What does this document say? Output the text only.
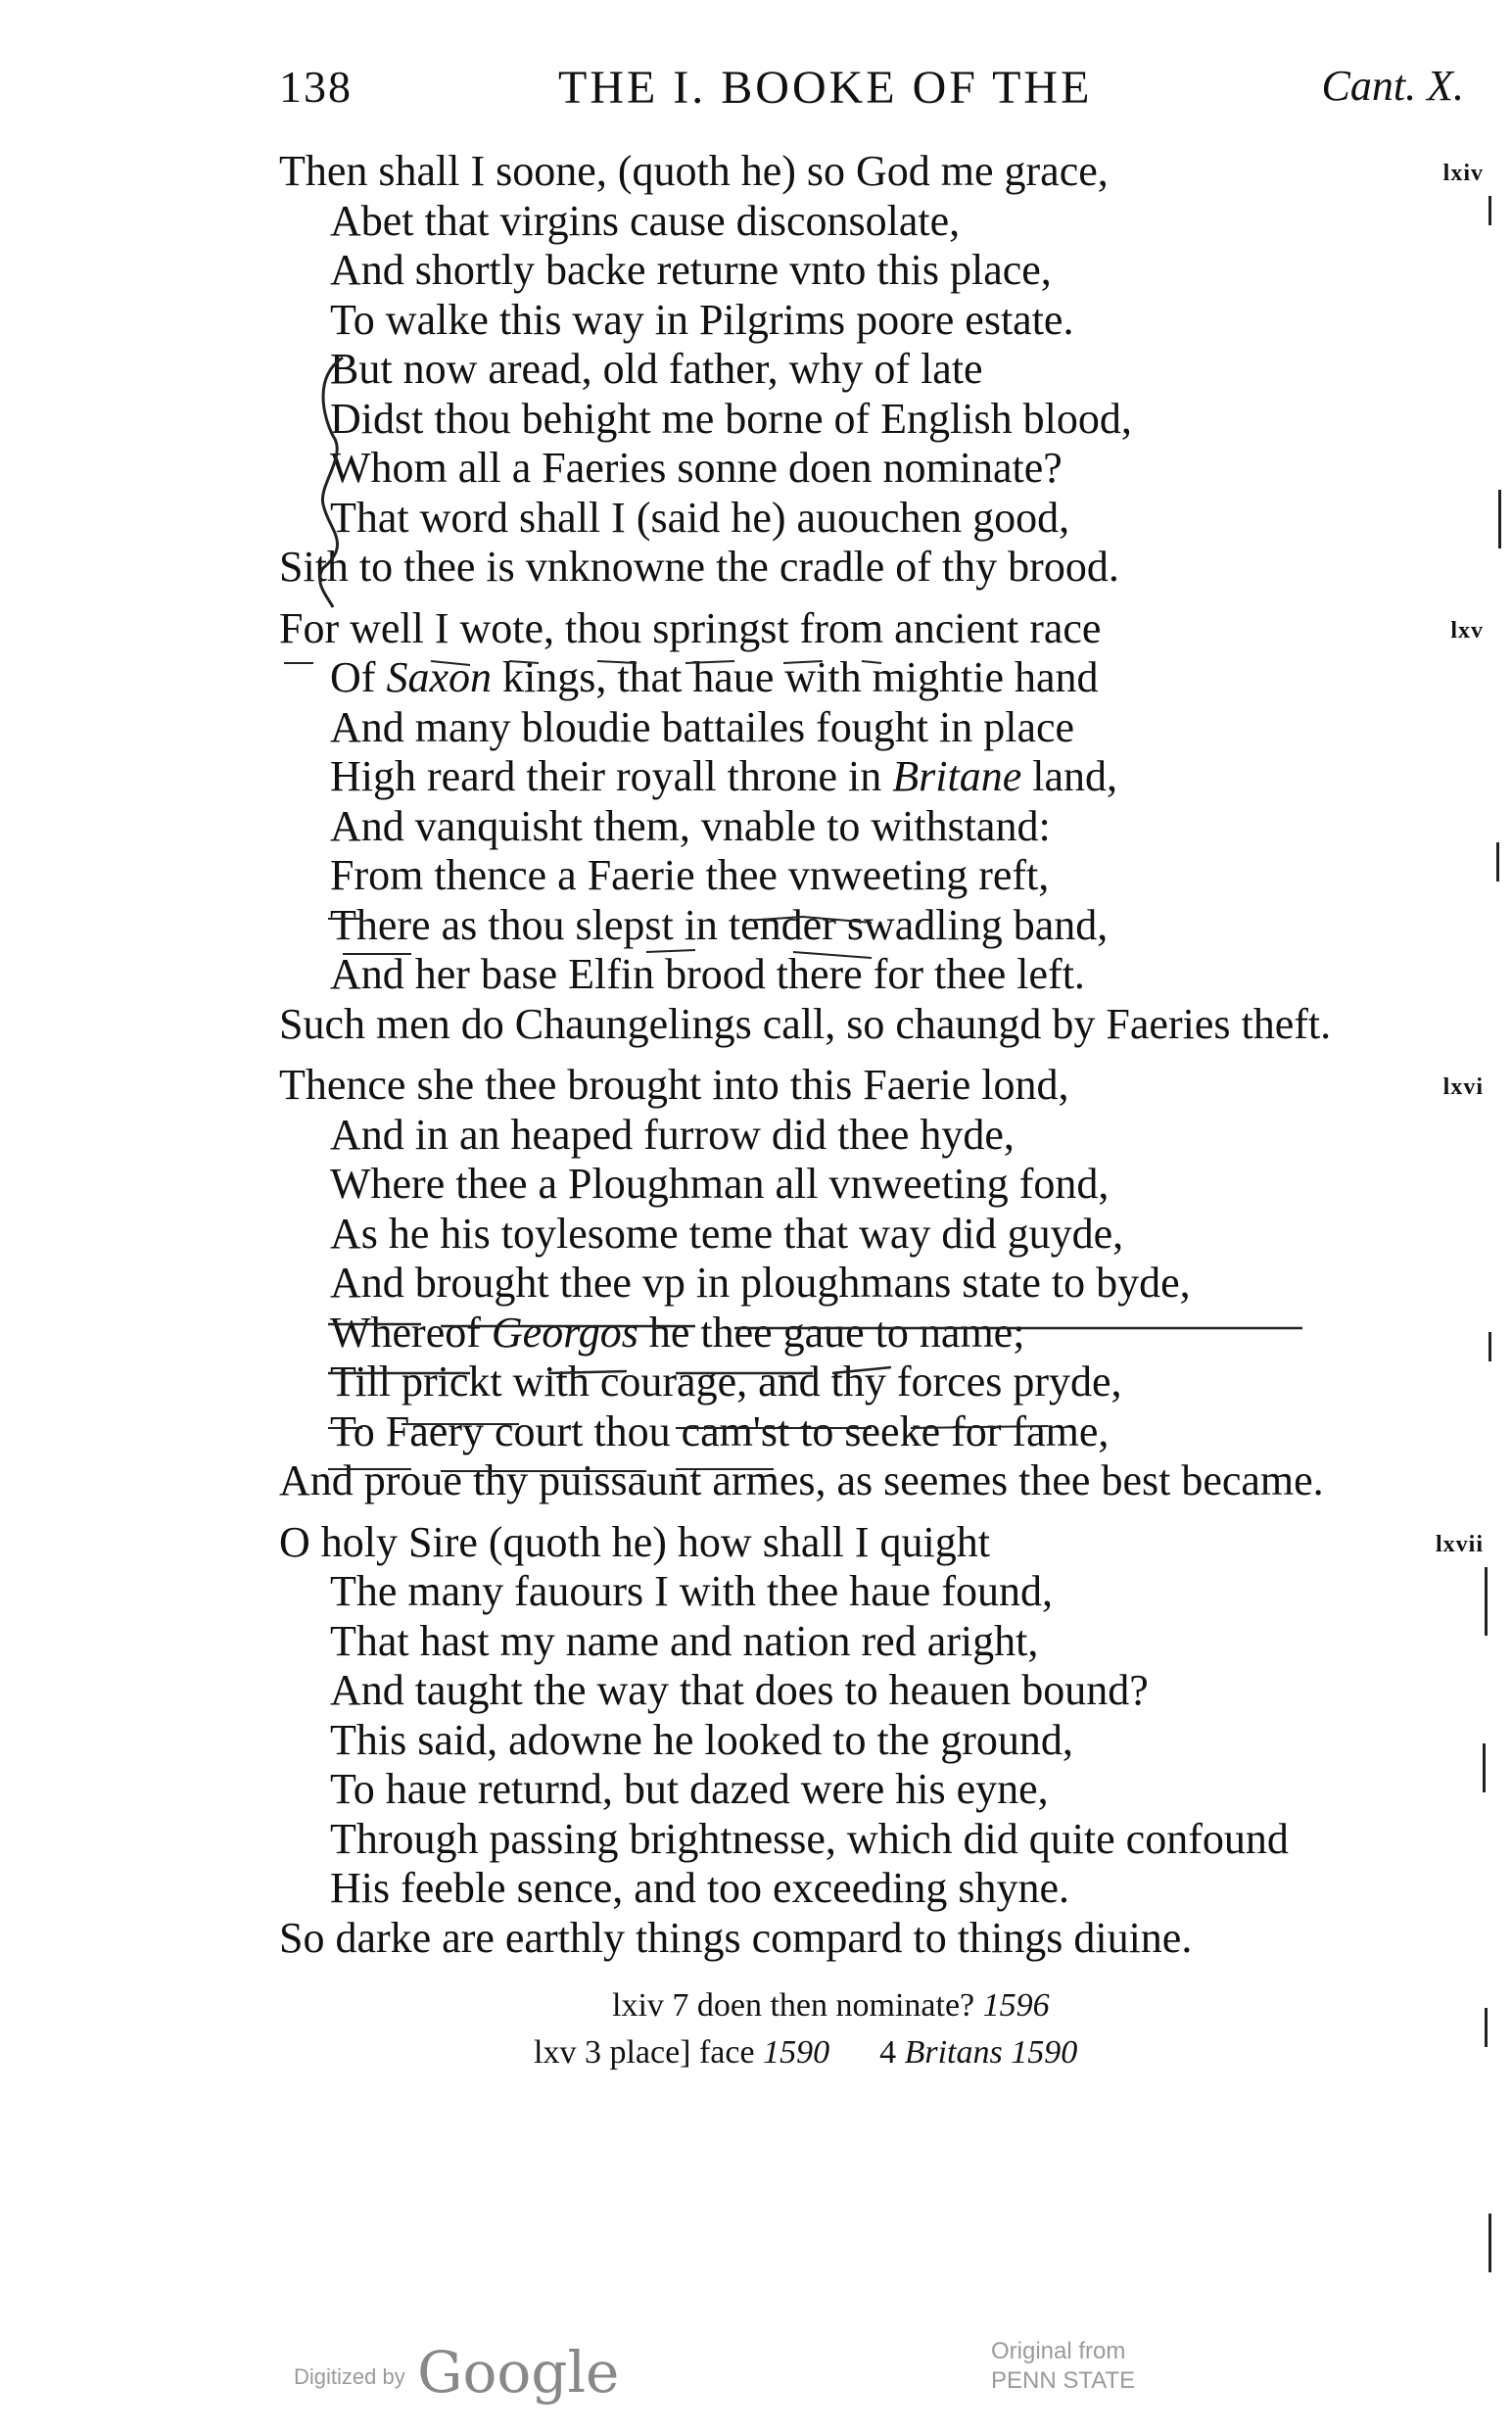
138	THE I. BOOKE OF THE	Cant. X.
lxiv
Then shall I soone, (quoth he) so God me grace,
Abet that virgins cause disconsolate,
And shortly backe returne vnto this place,
To walke this way in Pilgrims poore estate.
But now aread, old father, why of late
Didst thou behight me borne of English blood,
Whom all a Faeries sonne doen nominate?
That word shall I (said he) auouchen good,
Sith to thee is vnknowne the cradle of thy brood.
lxv
For well I wote, thou springst from ancient race
Of Saxon kings, that haue with mightie hand
And many bloudie battailes fought in place
High reard their royall throne in Britane land,
And vanquisht them, vnable to withstand:
From thence a Faerie thee vnweeting reft,
There as thou slepst in tender swadling band,
And her base Elfin brood there for thee left.
Such men do Chaungelings call, so chaungd by Faeries theft.
lxvi
Thence she thee brought into this Faerie lond,
And in an heaped furrow did thee hyde,
Where thee a Ploughman all vnweeting fond,
As he his toylesome teme that way did guyde,
And brought thee vp in ploughmans state to byde,
Whereof Georgos he thee gaue to name;
Till prickt with courage, and thy forces pryde,
To Faery court thou cam'st to seeke for fame,
And proue thy puissaunt armes, as seemes thee best became.
lxvii
O holy Sire (quoth he) how shall I quight
The many fauours I with thee haue found,
That hast my name and nation red aright,
And taught the way that does to heauen bound?
This said, adowne he looked to the ground,
To haue returnd, but dazed were his eyne,
Through passing brightnesse, which did quite confound
His feeble sence, and too exceeding shyne.
So darke are earthly things compard to things diuine.
lxiv 7 doen then nominate? 1596
lxv 3 place] face 1590      4 Britans 1590
Digitized by Google	Original from
PENN STATE
